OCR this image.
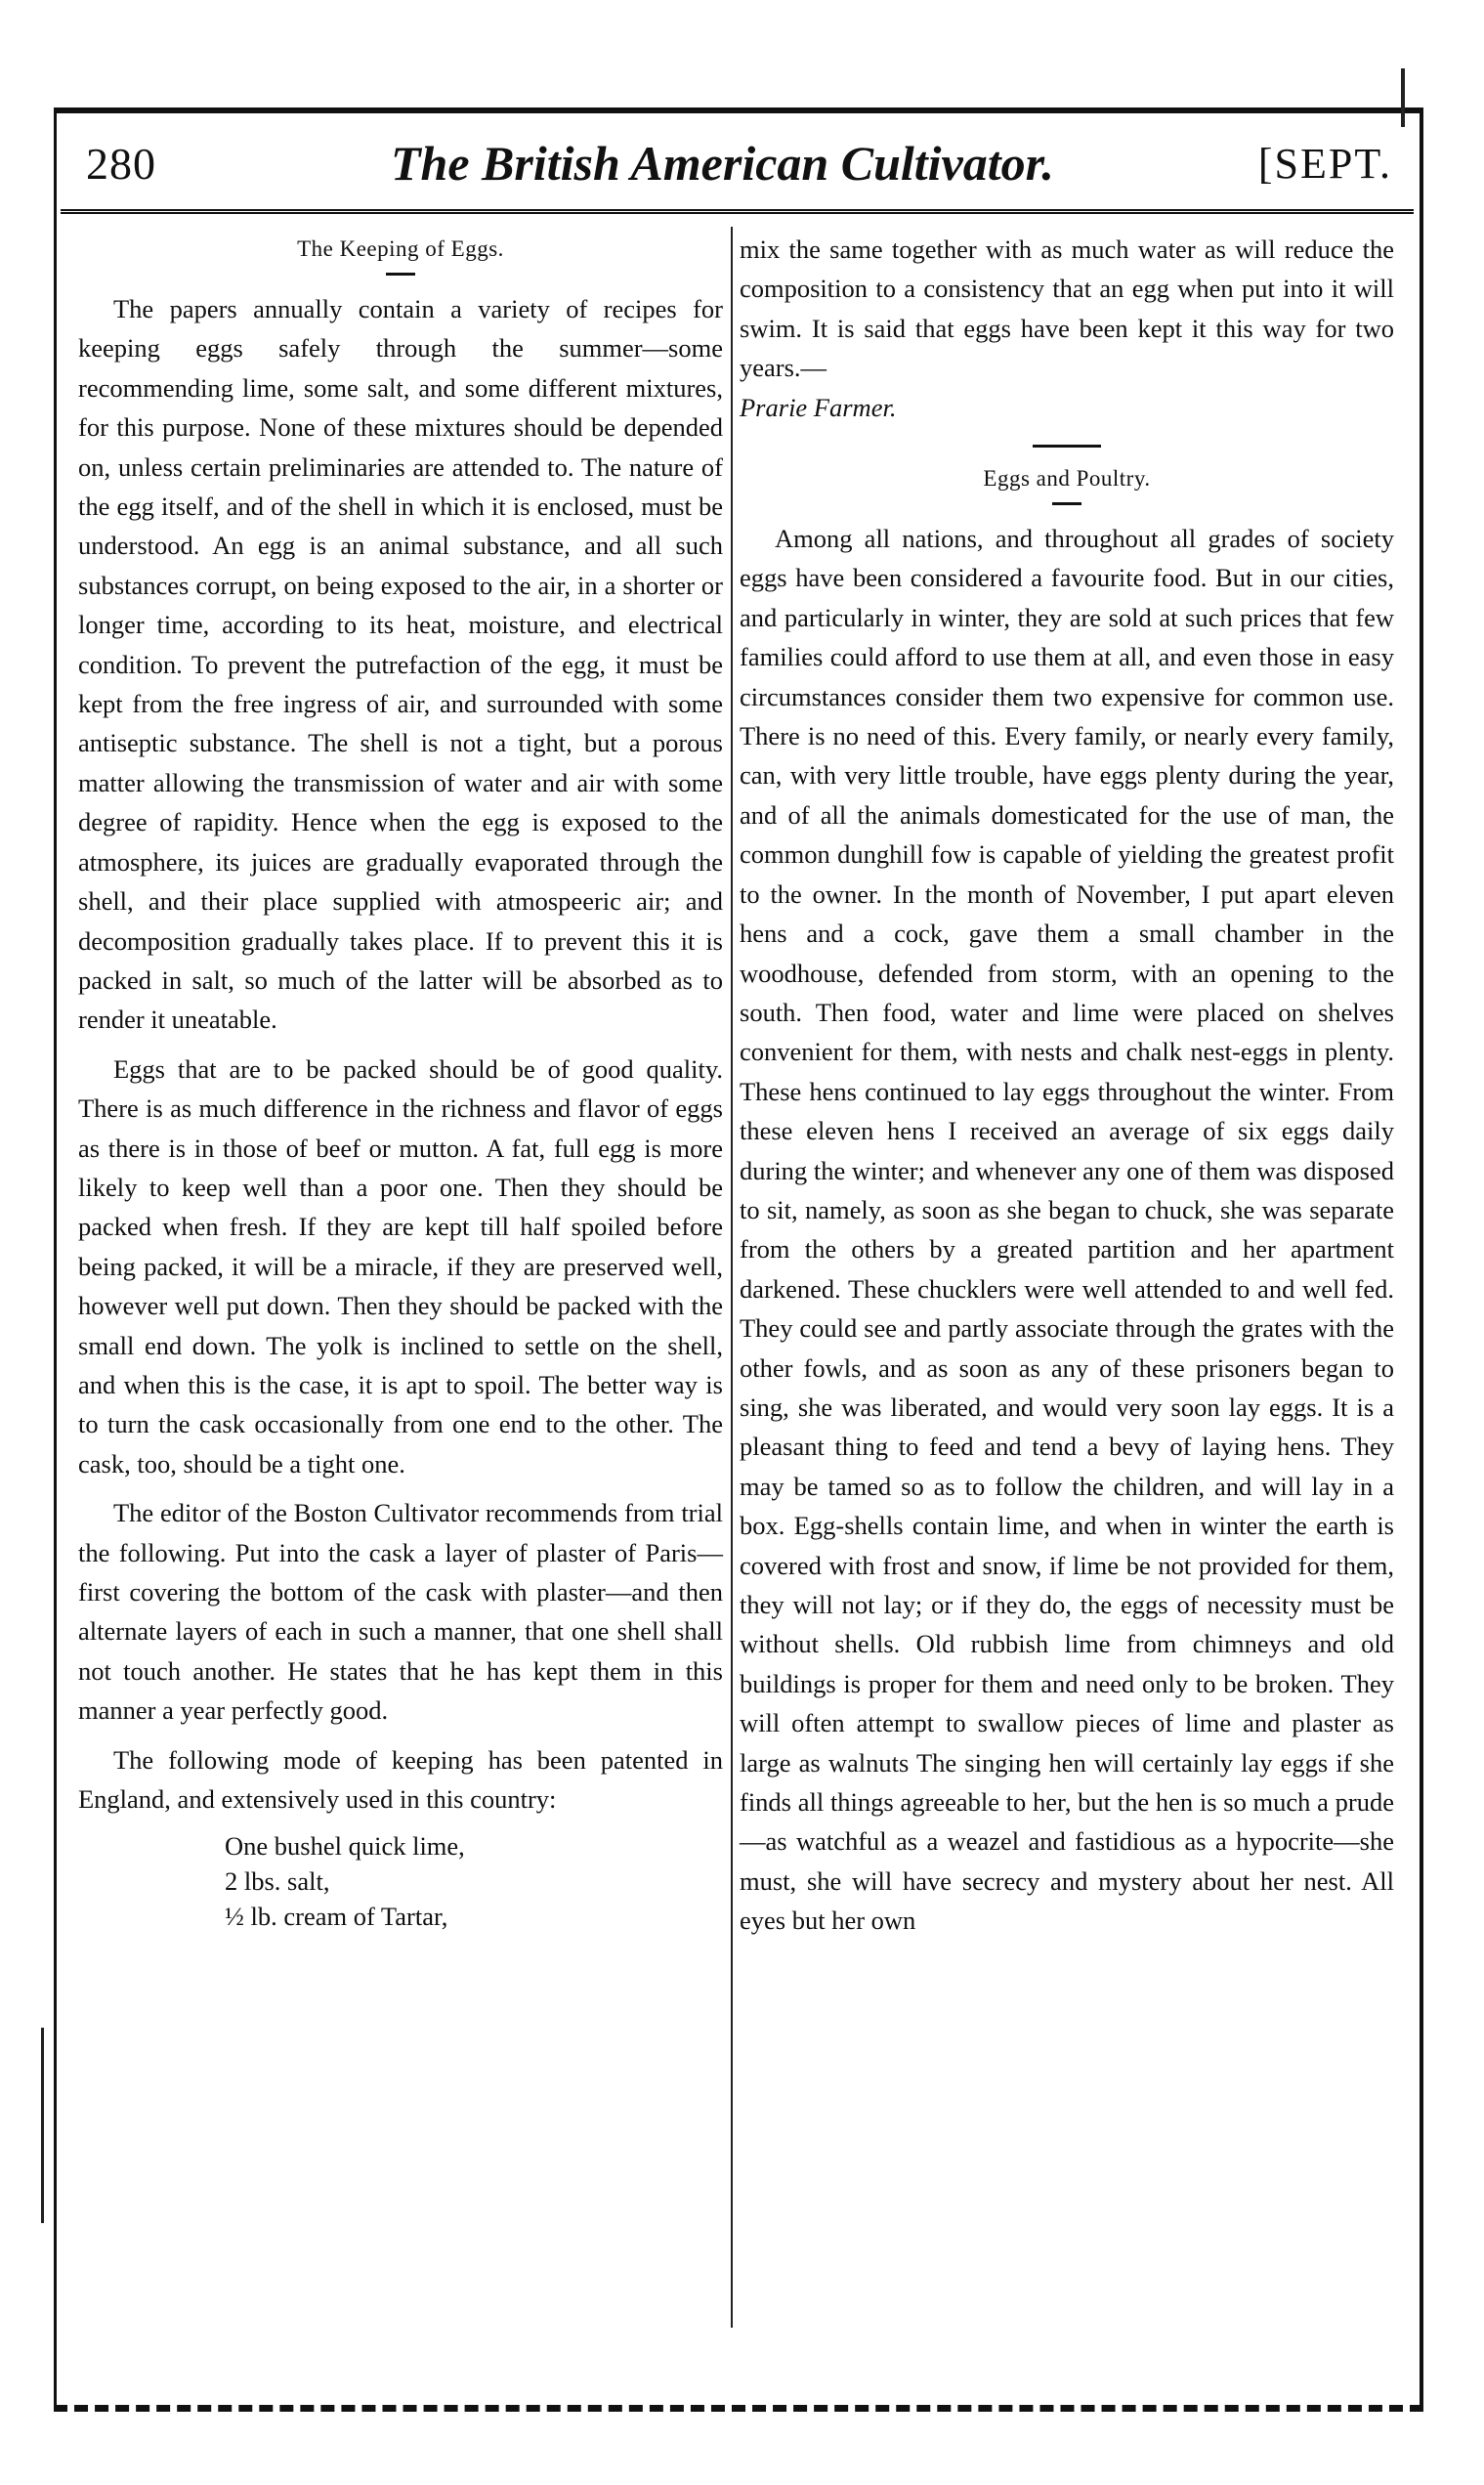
280	The British American Cultivator.	[SEPT.
The Keeping of Eggs.

The papers annually contain a variety of recipes for keeping eggs safely through the summer—some recommending lime, some salt, and some different mixtures, for this purpose. None of these mixtures should be depended on, unless certain preliminaries are attended to. The nature of the egg itself, and of the shell in which it is enclosed, must be understood. An egg is an animal substance, and all such substances corrupt, on being exposed to the air, in a shorter or longer time, according to its heat, moisture, and electrical condition. To prevent the putrefaction of the egg, it must be kept from the free ingress of air, and surrounded with some antiseptic substance. The shell is not a tight, but a porous matter allowing the transmission of water and air with some degree of rapidity. Hence when the egg is exposed to the atmosphere, its juices are gradually evaporated through the shell, and their place supplied with atmospeeric air; and decomposition gradually takes place. If to prevent this it is packed in salt, so much of the latter will be absorbed as to render it uneatable.

Eggs that are to be packed should be of good quality. There is as much difference in the richness and flavor of eggs as there is in those of beef or mutton. A fat, full egg is more likely to keep well than a poor one. Then they should be packed when fresh. If they are kept till half spoiled before being packed, it will be a miracle, if they are preserved well, however well put down. Then they should be packed with the small end down. The yolk is inclined to settle on the shell, and when this is the case, it is apt to spoil. The better way is to turn the cask occasionally from one end to the other. The cask, too, should be a tight one.

The editor of the Boston Cultivator recommends from trial the following. Put into the cask a layer of plaster of Paris—first covering the bottom of the cask with plaster—and then alternate layers of each in such a manner, that one shell shall not touch another. He states that he has kept them in this manner a year perfectly good.

The following mode of keeping has been patented in England, and extensively used in this country:

One bushel quick lime,
2 lbs. salt,
½ lb. cream of Tartar,

mix the same together with as much water as will reduce the composition to a consistency that an egg when put into it will swim. It is said that eggs have been kept it this way for two years.—

Prarie Farmer.

Eggs and Poultry.

Among all nations, and throughout all grades of society eggs have been considered a favourite food. But in our cities, and particularly in winter, they are sold at such prices that few families could afford to use them at all, and even those in easy circumstances consider them two expensive for common use. There is no need of this. Every family, or nearly every family, can, with very little trouble, have eggs plenty during the year, and of all the animals domesticated for the use of man, the common dunghill fow is capable of yielding the greatest profit to the owner. In the month of November, I put apart eleven hens and a cock, gave them a small chamber in the woodhouse, defended from storm, with an opening to the south. Then food, water and lime were placed on shelves convenient for them, with nests and chalk nest-eggs in plenty. These hens continued to lay eggs throughout the winter. From these eleven hens I received an average of six eggs daily during the winter; and whenever any one of them was disposed to sit, namely, as soon as she began to chuck, she was separate from the others by a greated partition and her apartment darkened. These chucklers were well attended to and well fed. They could see and partly associate through the grates with the other fowls, and as soon as any of these prisoners began to sing, she was liberated, and would very soon lay eggs. It is a pleasant thing to feed and tend a bevy of laying hens. They may be tamed so as to follow the children, and will lay in a box. Egg-shells contain lime, and when in winter the earth is covered with frost and snow, if lime be not provided for them, they will not lay; or if they do, the eggs of necessity must be without shells. Old rubbish lime from chimneys and old buildings is proper for them and need only to be broken. They will often attempt to swallow pieces of lime and plaster as large as walnuts The singing hen will certainly lay eggs if she finds all things agreeable to her, but the hen is so much a prude—as watchful as a weazel and fastidious as a hypocrite—she must, she will have secrecy and mystery about her nest. All eyes but her own
